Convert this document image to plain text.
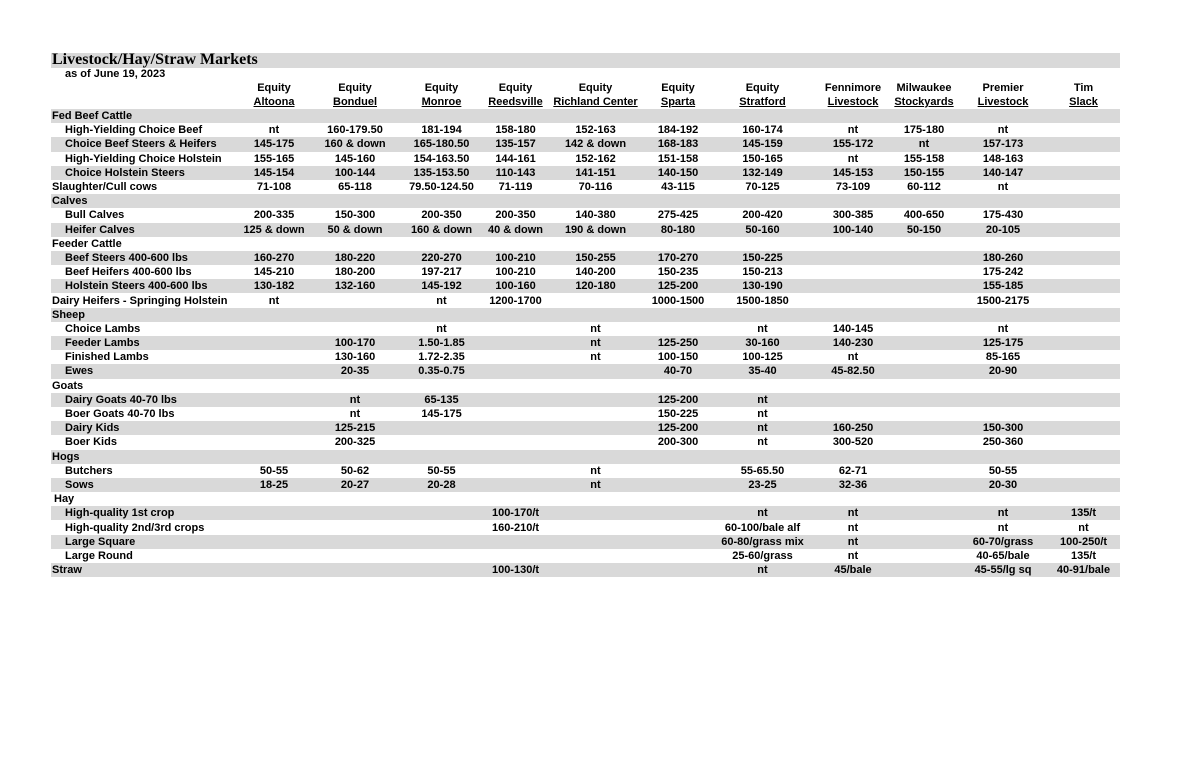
Livestock/Hay/Straw Markets
as of June 19, 2023
	Equity	Equity	Equity	Equity	Equity	Equity	Equity	Fennimore	Milwaukee	Premier	Tim
	Altoona	Bonduel	Monroe	Reedsville	Richland Center	Sparta	Stratford	Livestock	Stockyards	Livestock	Slack
Fed Beef Cattle											
High-Yielding Choice Beef	nt	160-179.50	181-194	158-180	152-163	184-192	160-174	nt	175-180	nt	
Choice Beef Steers & Heifers	145-175	160 & down	165-180.50	135-157	142 & down	168-183	145-159	155-172	nt	157-173	
High-Yielding Choice Holstein	155-165	145-160	154-163.50	144-161	152-162	151-158	150-165	nt	155-158	148-163	
Choice Holstein Steers	145-154	100-144	135-153.50	110-143	141-151	140-150	132-149	145-153	150-155	140-147	
Slaughter/Cull cows	71-108	65-118	79.50-124.50	71-119	70-116	43-115	70-125	73-109	60-112	nt	
Calves											
Bull Calves	200-335	150-300	200-350	200-350	140-380	275-425	200-420	300-385	400-650	175-430	
Heifer Calves	125 & down	50 & down	160 & down	40 & down	190 & down	80-180	50-160	100-140	50-150	20-105	
Feeder Cattle											
Beef Steers 400-600 lbs	160-270	180-220	220-270	100-210	150-255	170-270	150-225			180-260	
Beef Heifers 400-600 lbs	145-210	180-200	197-217	100-210	140-200	150-235	150-213			175-242	
Holstein Steers 400-600 lbs	130-182	132-160	145-192	100-160	120-180	125-200	130-190			155-185	
Dairy Heifers - Springing Holstein	nt		nt	1200-1700		1000-1500	1500-1850			1500-2175	
Sheep											
Choice Lambs			nt		nt		nt	140-145		nt	
Feeder Lambs		100-170	1.50-1.85		nt	125-250	30-160	140-230		125-175	
Finished Lambs		130-160	1.72-2.35		nt	100-150	100-125	nt		85-165	
Ewes		20-35	0.35-0.75			40-70	35-40	45-82.50		20-90	
Goats											
Dairy Goats 40-70 lbs		nt	65-135			125-200	nt				
Boer Goats 40-70 lbs		nt	145-175			150-225	nt				
Dairy Kids		125-215				125-200	nt	160-250		150-300	
Boer Kids		200-325				200-300	nt	300-520		250-360	
Hogs											
Butchers	50-55	50-62	50-55		nt		55-65.50	62-71		50-55	
Sows	18-25	20-27	20-28		nt		23-25	32-36		20-30	
Hay											
High-quality 1st crop				100-170/t			nt	nt		nt	135/t
High-quality 2nd/3rd crops				160-210/t			60-100/bale alf	nt		nt	nt
Large Square							60-80/grass mix	nt		60-70/grass	100-250/t
Large Round							25-60/grass	nt		40-65/bale	135/t
Straw				100-130/t			nt	45/bale		45-55/lg sq	40-91/bale
